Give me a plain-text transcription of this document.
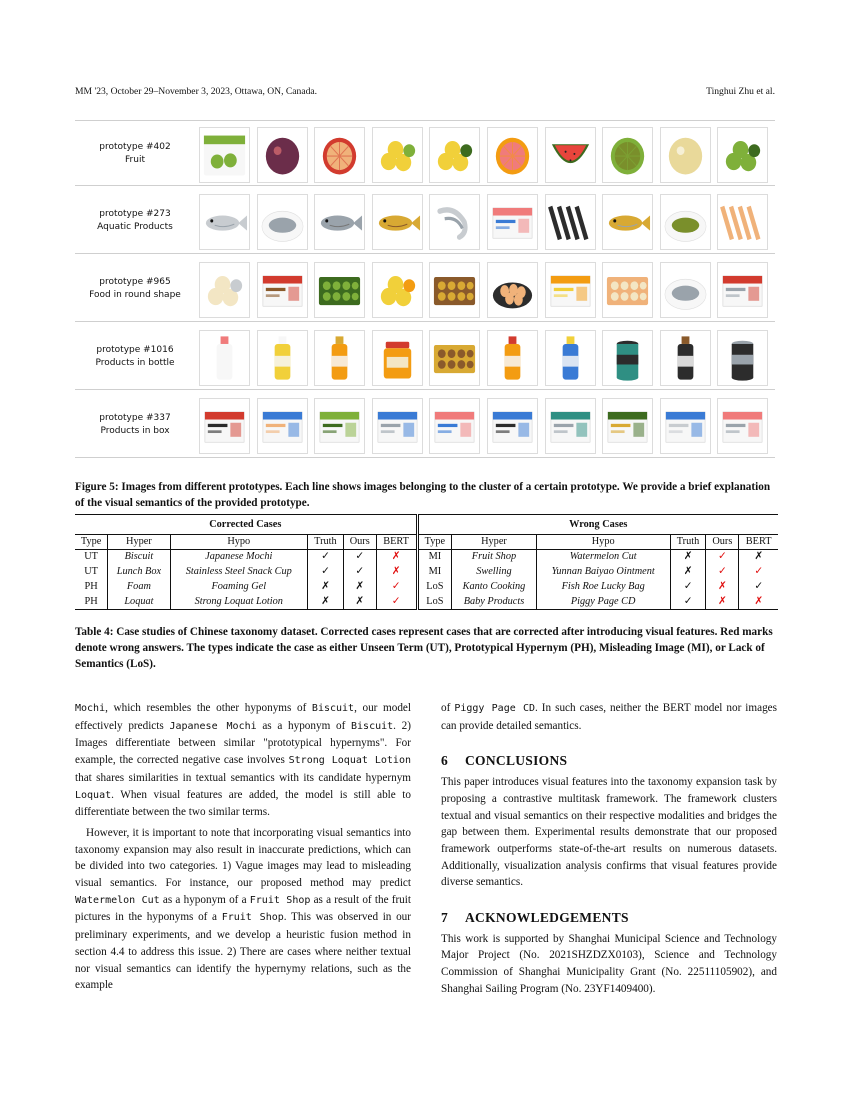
MM '23, October 29–November 3, 2023, Ottawa, ON, Canada.	Tinghui Zhu et al.
prototype #402
Fruit
prototype #273
Aquatic Products
prototype #965
Food in round shape
prototype #1016
Products in bottle
prototype #337
Products in box
Figure 5: Images from different prototypes. Each line shows images belonging to the cluster of a certain prototype. We provide a brief explanation of the visual semantics of the provided prototype.
Corrected Cases						Wrong Cases					
Type	Hyper	Hypo	Truth	Ours	BERT	Type	Hyper	Hypo	Truth	Ours	BERT
UT	Biscuit	Japanese Mochi	✓	✓	✗	MI	Fruit Shop	Watermelon Cut	✗	✓	✗
UT	Lunch Box	Stainless Steel Snack Cup	✓	✓	✗	MI	Swelling	Yunnan Baiyao Ointment	✗	✓	✓
PH	Foam	Foaming Gel	✗	✗	✓	LoS	Kanto Cooking	Fish Roe Lucky Bag	✓	✗	✓
PH	Loquat	Strong Loquat Lotion	✗	✗	✓	LoS	Baby Products	Piggy Page CD	✓	✗	✗
Table 4: Case studies of Chinese taxonomy dataset. Corrected cases represent cases that are corrected after introducing visual features. Red marks denote wrong answers. The types indicate the case as either Unseen Term (UT), Prototypical Hypernym (PH), Misleading Image (MI), or Lack of Semantics (LoS).

Mochi, which resembles the other hyponyms of Biscuit, our model effectively predicts Japanese Mochi as a hyponym of Biscuit. 2) Images differentiate between similar "prototypical hypernyms". For example, the corrected negative case involves Strong Loquat Lotion that shares similarities in textual semantics with its candidate hypernym Loquat. When visual features are added, the model is still able to differentiate between the two similar terms.

However, it is important to note that incorporating visual semantics into taxonomy expansion may also result in inaccurate predictions, which can be divided into two categories. 1) Vague images may lead to misleading visual semantics. For instance, our proposed method may predict Watermelon Cut as a hyponym of a Fruit Shop as a result of the fruit pictures in the hyponyms of a Fruit Shop. This was observed in our preliminary experiments, and we develop a heuristic fusion method in section 4.4 to address this issue. 2) There are cases where neither textual nor visual semantics can identify the hypernymy relations, such as the example

of Piggy Page CD. In such cases, neither the BERT model nor images can provide detailed semantics.

6 CONCLUSIONS

This paper introduces visual features into the taxonomy expansion task by proposing a contrastive multitask framework. The framework clusters textual and visual semantics on their respective modalities and bridges the gap between them. Experimental results demonstrate that our proposed framework outperforms state-of-the-art results on numerous datasets. Additionally, visualization analysis confirms that visual features provide diverse semantics.

7 ACKNOWLEDGEMENTS

This work is supported by Shanghai Municipal Science and Technology Major Project (No. 2021SHZDZX0103), Science and Technology Commission of Shanghai Municipality Grant (No. 22511105902), and Shanghai Sailing Program (No. 23YF1409400).
